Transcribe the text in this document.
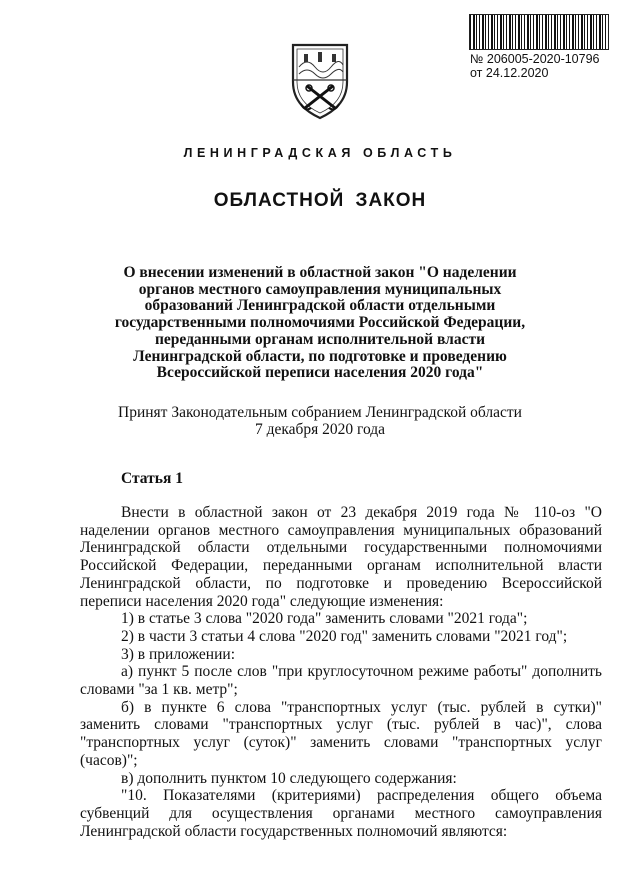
№ 206005-2020-10796
от 24.12.2020
ЛЕНИНГРАДСКАЯ ОБЛАСТЬ
ОБЛАСТНОЙ ЗАКОН
О внесении изменений в областной закон "О наделении
органов местного самоуправления муниципальных
образований Ленинградской области отдельными
государственными полномочиями Российской Федерации,
переданными органам исполнительной власти
Ленинградской области, по подготовке и проведению
Всероссийской переписи населения 2020 года"
Принят Законодательным собранием Ленинградской области
7 декабря 2020 года
Статья 1

Внести в областной закон от 23 декабря 2019 года № 110-оз "О наделении органов местного самоуправления муниципальных образований Ленинградской области отдельными государственными полномочиями Российской Федерации, переданными органам исполнительной власти Ленинградской области, по подготовке и проведению Всероссийской переписи населения 2020 года" следующие изменения:

1) в статье 3 слова "2020 года" заменить словами "2021 года";

2) в части 3 статьи 4 слова "2020 год" заменить словами "2021 год";

3) в приложении:

а) пункт 5 после слов "при круглосуточном режиме работы" дополнить словами "за 1 кв. метр";

б) в пункте 6 слова "транспортных услуг (тыс. рублей в сутки)" заменить словами "транспортных услуг (тыс. рублей в час)", слова "транспортных услуг (суток)" заменить словами "транспортных услуг (часов)";

в) дополнить пунктом 10 следующего содержания:

"10. Показателями (критериями) распределения общего объема субвенций для осуществления органами местного самоуправления Ленинградской области государственных полномочий являются:
